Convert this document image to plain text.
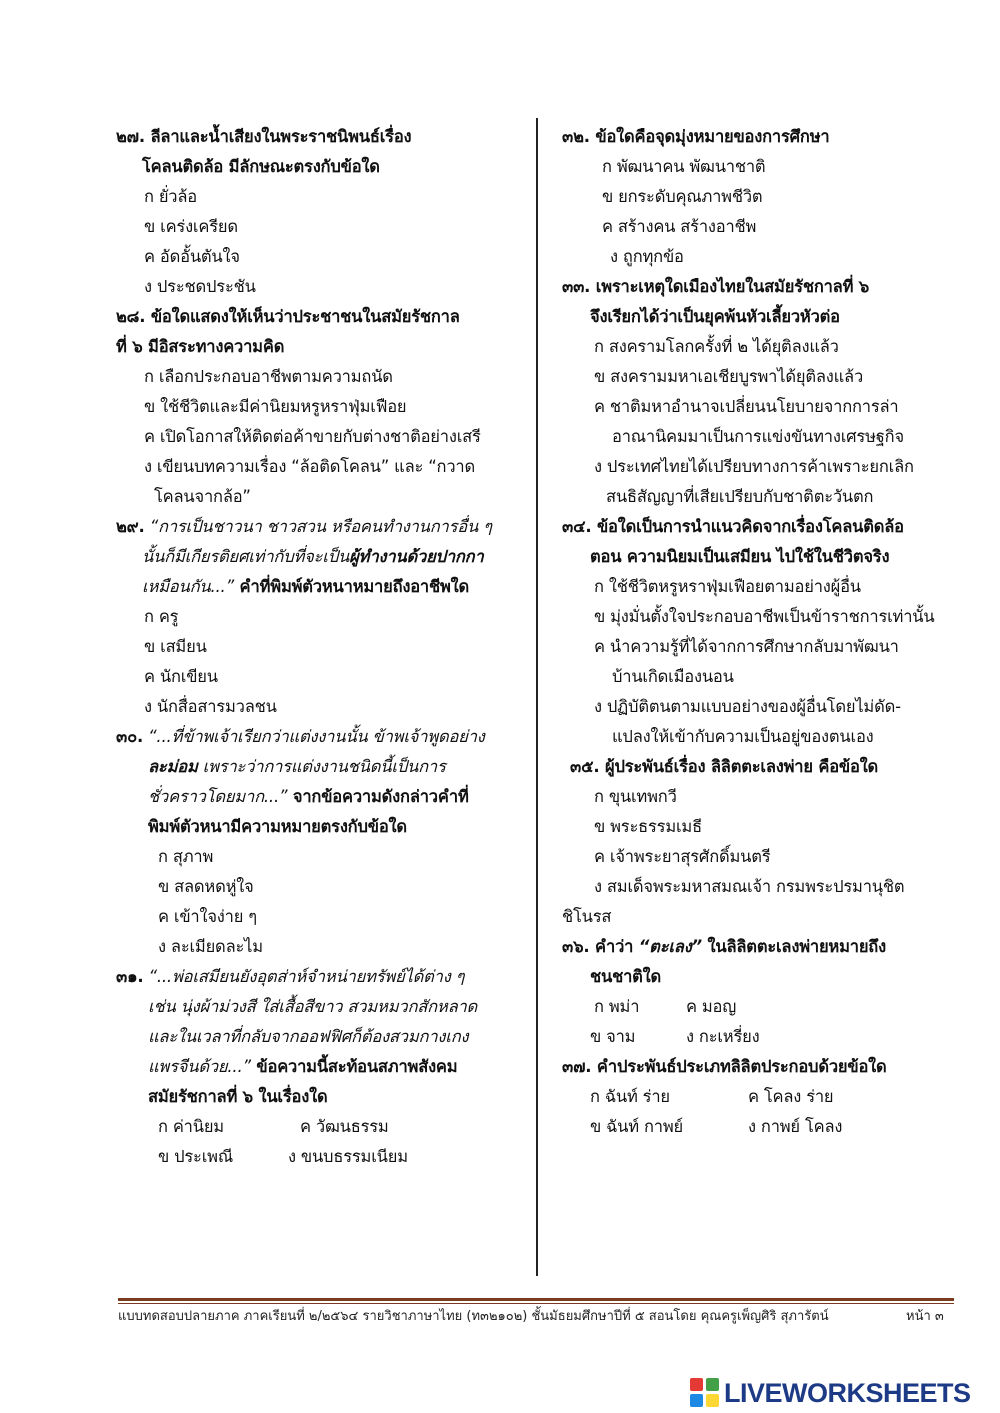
๒๗. ลีลาและน้ำเสียงในพระราชนิพนธ์เรื่อง
โคลนติดล้อ มีลักษณะตรงกับข้อใด
ก ยั่วล้อ
ข เคร่งเครียด
ค อัดอั้นตันใจ
ง ประชดประชัน
๒๘. ข้อใดแสดงให้เห็นว่าประชาชนในสมัยรัชกาล
ที่ ๖ มีอิสระทางความคิด
ก เลือกประกอบอาชีพตามความถนัด
ข ใช้ชีวิตและมีค่านิยมหรูหราฟุ่มเฟือย
ค เปิดโอกาสให้ติดต่อค้าขายกับต่างชาติอย่างเสรี
ง เขียนบทความเรื่อง “ล้อติดโคลน” และ “กวาด
โคลนจากล้อ”
๒๙. “การเป็นชาวนา ชาวสวน หรือคนทำงานการอื่น ๆ
นั้นก็มีเกียรติยศเท่ากับที่จะเป็นผู้ทำงานด้วยปากกา
เหมือนกัน...” คำที่พิมพ์ตัวหนาหมายถึงอาชีพใด
ก ครู
ข เสมียน
ค นักเขียน
ง นักสื่อสารมวลชน
๓๐. “...ที่ข้าพเจ้าเรียกว่าแต่งงานนั้น ข้าพเจ้าพูดอย่าง
ละม่อม เพราะว่าการแต่งงานชนิดนี้เป็นการ
ชั่วคราวโดยมาก...” จากข้อความดังกล่าวคำที่
พิมพ์ตัวหนามีความหมายตรงกับข้อใด
ก สุภาพ
ข สลดหดหู่ใจ
ค เข้าใจง่าย ๆ
ง ละเมียดละไม
๓๑. “...พ่อเสมียนยังอุตส่าห์จำหน่ายทรัพย์ได้ต่าง ๆ
เช่น นุ่งผ้าม่วงสี ใส่เสื้อสีขาว สวมหมวกสักหลาด
และในเวลาที่กลับจากออฟฟิศก็ต้องสวมกางเกง
แพรจีนด้วย...” ข้อความนี้สะท้อนสภาพสังคม
สมัยรัชกาลที่ ๖ ในเรื่องใด
ก ค่านิยม	ค วัฒนธรรม
ข ประเพณี	ง ขนบธรรมเนียม
๓๒. ข้อใดคือจุดมุ่งหมายของการศึกษา
ก พัฒนาคน พัฒนาชาติ
ข ยกระดับคุณภาพชีวิต
ค สร้างคน สร้างอาชีพ
ง ถูกทุกข้อ
๓๓. เพราะเหตุใดเมืองไทยในสมัยรัชกาลที่ ๖
จึงเรียกได้ว่าเป็นยุคพ้นหัวเลี้ยวหัวต่อ
ก สงครามโลกครั้งที่ ๒ ได้ยุติลงแล้ว
ข สงครามมหาเอเชียบูรพาได้ยุติลงแล้ว
ค ชาติมหาอำนาจเปลี่ยนนโยบายจากการล่า
อาณานิคมมาเป็นการแข่งขันทางเศรษฐกิจ
ง ประเทศไทยได้เปรียบทางการค้าเพราะยกเลิก
สนธิสัญญาที่เสียเปรียบกับชาติตะวันตก
๓๔. ข้อใดเป็นการนำแนวคิดจากเรื่องโคลนติดล้อ
ตอน ความนิยมเป็นเสมียน ไปใช้ในชีวิตจริง
ก ใช้ชีวิตหรูหราฟุ่มเฟือยตามอย่างผู้อื่น
ข มุ่งมั่นตั้งใจประกอบอาชีพเป็นข้าราชการเท่านั้น
ค นำความรู้ที่ได้จากการศึกษากลับมาพัฒนา
บ้านเกิดเมืองนอน
ง ปฏิบัติตนตามแบบอย่างของผู้อื่นโดยไม่ดัด-
แปลงให้เข้ากับความเป็นอยู่ของตนเอง
๓๕. ผู้ประพันธ์เรื่อง ลิลิตตะเลงพ่าย คือข้อใด
ก ขุนเทพกวี
ข พระธรรมเมธี
ค เจ้าพระยาสุรศักดิ์มนตรี
ง สมเด็จพระมหาสมณเจ้า กรมพระปรมานุชิต
ชิโนรส
๓๖. คำว่า “ตะเลง” ในลิลิตตะเลงพ่ายหมายถึง
ชนชาติใด
ก พม่า	ค มอญ
ข จาม	ง กะเหรี่ยง
๓๗. คำประพันธ์ประเภทลิลิตประกอบด้วยข้อใด
ก ฉันท์ ร่าย	ค โคลง ร่าย
ข ฉันท์ กาพย์	ง กาพย์ โคลง
แบบทดสอบปลายภาค ภาคเรียนที่ ๒/๒๕๖๔ รายวิชาภาษาไทย (ท๓๒๑๐๒) ชั้นมัธยมศึกษาปีที่ ๕ สอนโดย คุณครูเพ็ญศิริ สุภารัตน์	หน้า ๓
LIVEWORKSHEETS
